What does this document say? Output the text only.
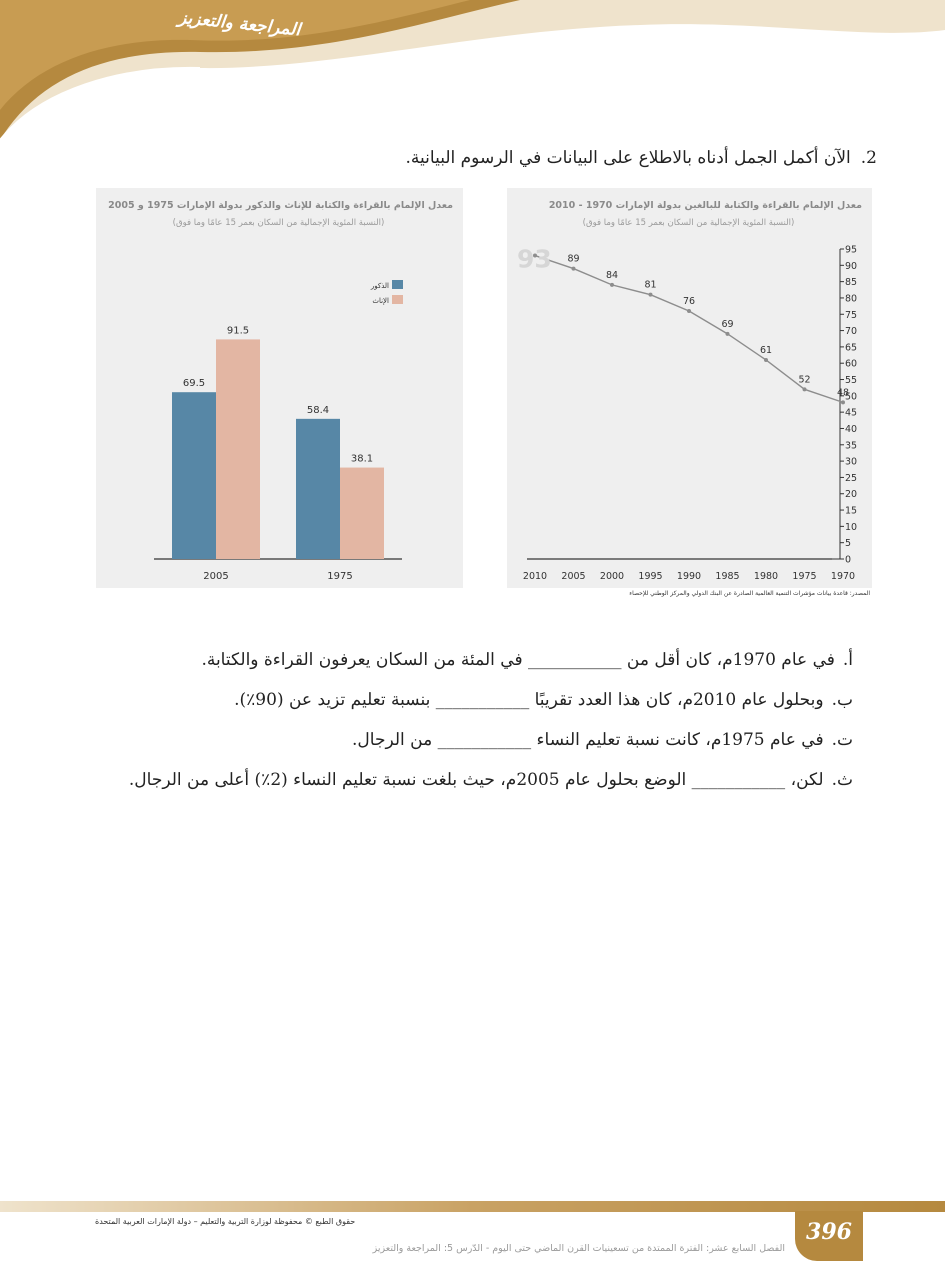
المراجعة والتعزيز
2.الآن أكمل الجمل أدناه بالاطلاع على البيانات في الرسوم البيانية.
معدل الإلمام بالقراءة والكتابة للإناث والذكور بدولة الإمارات 1975 و 2005
(النسبة المئوية الإجمالية من السكان بعمر 15 عامًا وما فوق)
69.5
91.5
2005
58.4
38.1
1975
الذكور
الإناث
معدل الإلمام بالقراءة والكتابة للبالغين بدولة الإمارات 1970 - 2010
(النسبة المئوية الإجمالية من السكان بعمر 15 عامًا وما فوق)
0
5
10
15
20
25
30
35
40
45
50
55
60
65
70
75
80
85
90
95
2010 2005 2000 1995 1990 1985 1980 1975 1970
93 89
84
81
76
69
61
52
48
المصدر: قاعدة بيانات مؤشرات التنمية العالمية الصادرة عن البنك الدولي والمركز الوطني للإحصاء
أ.في عام 1970م، كان أقل من ___________ في المئة من السكان يعرفون القراءة والكتابة.
ب.وبحلول عام 2010م، كان هذا العدد تقريبًا ___________ بنسبة تعليم تزيد عن (90٪).
ت.في عام 1975م، كانت نسبة تعليم النساء ___________ من الرجال.
ث.لكن، ___________ الوضع بحلول عام 2005م، حيث بلغت نسبة تعليم النساء (2٪) أعلى من الرجال.
حقوق الطبع © محفوظة لوزارة التربية والتعليم – دولة الإمارات العربية المتحدة	396
الفصل السابع عشر: الفترة الممتدة من تسعينيات القرن الماضي حتى اليوم - الدّرس 5: المراجعة والتعزيز
